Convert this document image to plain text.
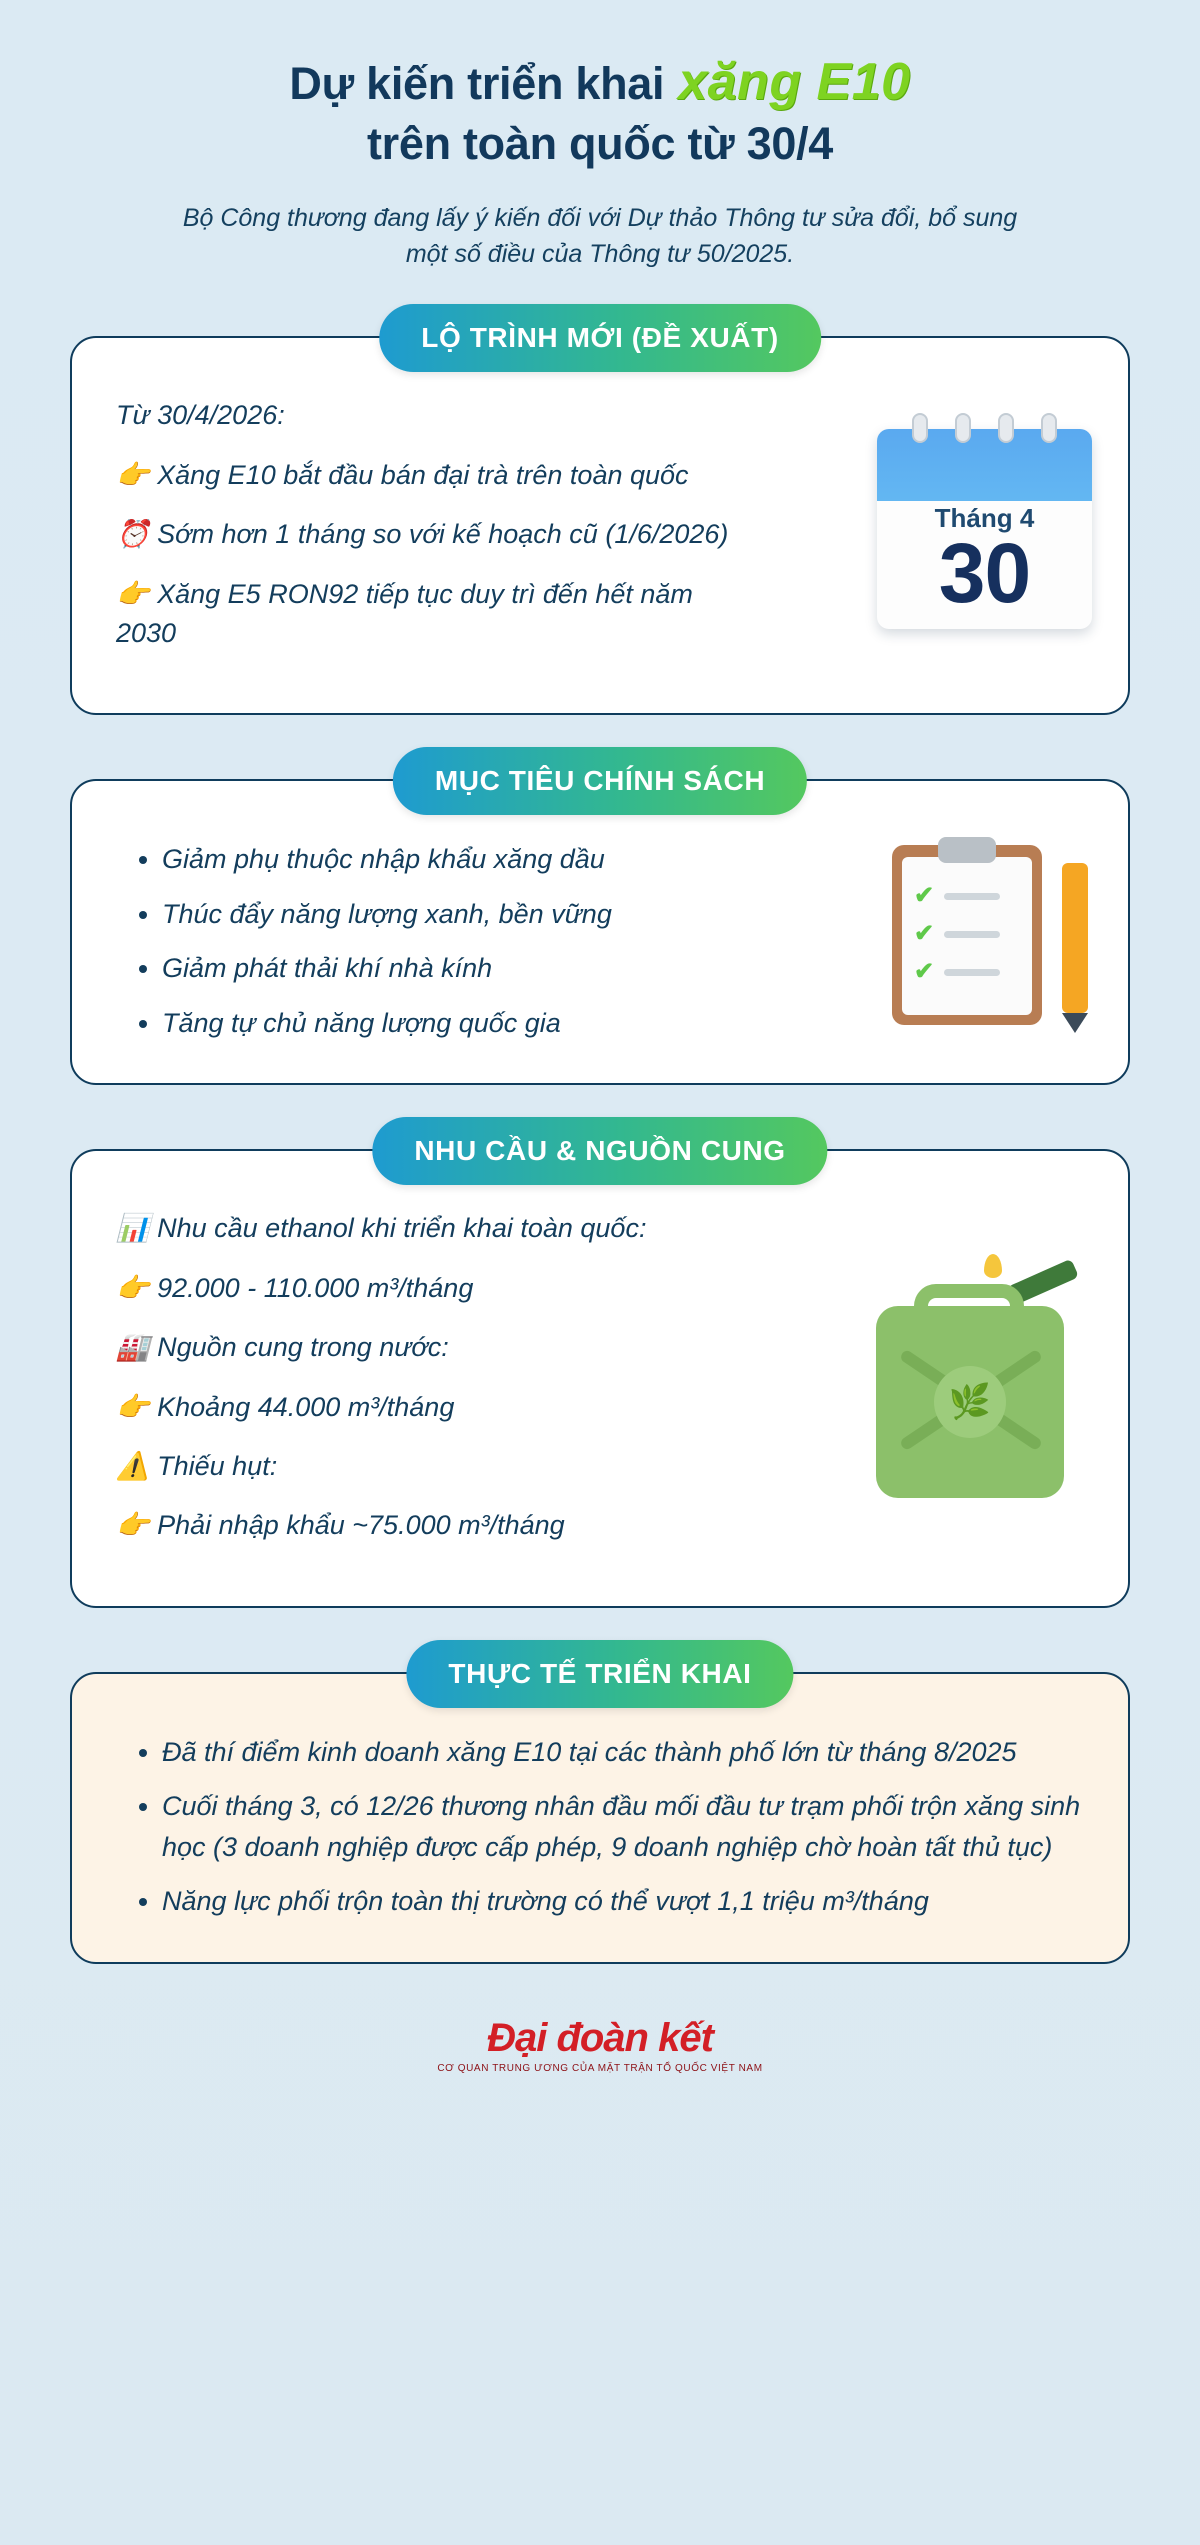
Dự kiến triển khai xăng E10
trên toàn quốc từ 30/4
Bộ Công thương đang lấy ý kiến đối với Dự thảo Thông tư sửa đổi, bổ sung một số điều của Thông tư 50/2025.
LỘ TRÌNH MỚI (ĐỀ XUẤT)

Từ 30/4/2026:

👉 Xăng E10 bắt đầu bán đại trà trên toàn quốc

⏰ Sớm hơn 1 tháng so với kế hoạch cũ (1/6/2026)

👉 Xăng E5 RON92 tiếp tục duy trì đến hết năm 2030

Tháng 4
30
MỤC TIÊU CHÍNH SÁCH
• Giảm phụ thuộc nhập khẩu xăng dầu
• Thúc đẩy năng lượng xanh, bền vững
• Giảm phát thải khí nhà kính
• Tăng tự chủ năng lượng quốc gia
✔
✔
✔
NHU CẦU & NGUỒN CUNG

📊 Nhu cầu ethanol khi triển khai toàn quốc:

👉 92.000 - 110.000 m³/tháng

🏭 Nguồn cung trong nước:

👉 Khoảng 44.000 m³/tháng

⚠️ Thiếu hụt:

👉 Phải nhập khẩu ~75.000 m³/tháng

🌿
THỰC TẾ TRIỂN KHAI
• Đã thí điểm kinh doanh xăng E10 tại các thành phố lớn từ tháng 8/2025
• Cuối tháng 3, có 12/26 thương nhân đầu mối đầu tư trạm phối trộn xăng sinh học (3 doanh nghiệp được cấp phép, 9 doanh nghiệp chờ hoàn tất thủ tục)
• Năng lực phối trộn toàn thị trường có thể vượt 1,1 triệu m³/tháng
Đại đoàn kết
CƠ QUAN TRUNG ƯƠNG CỦA MẶT TRẬN TỔ QUỐC VIỆT NAM
